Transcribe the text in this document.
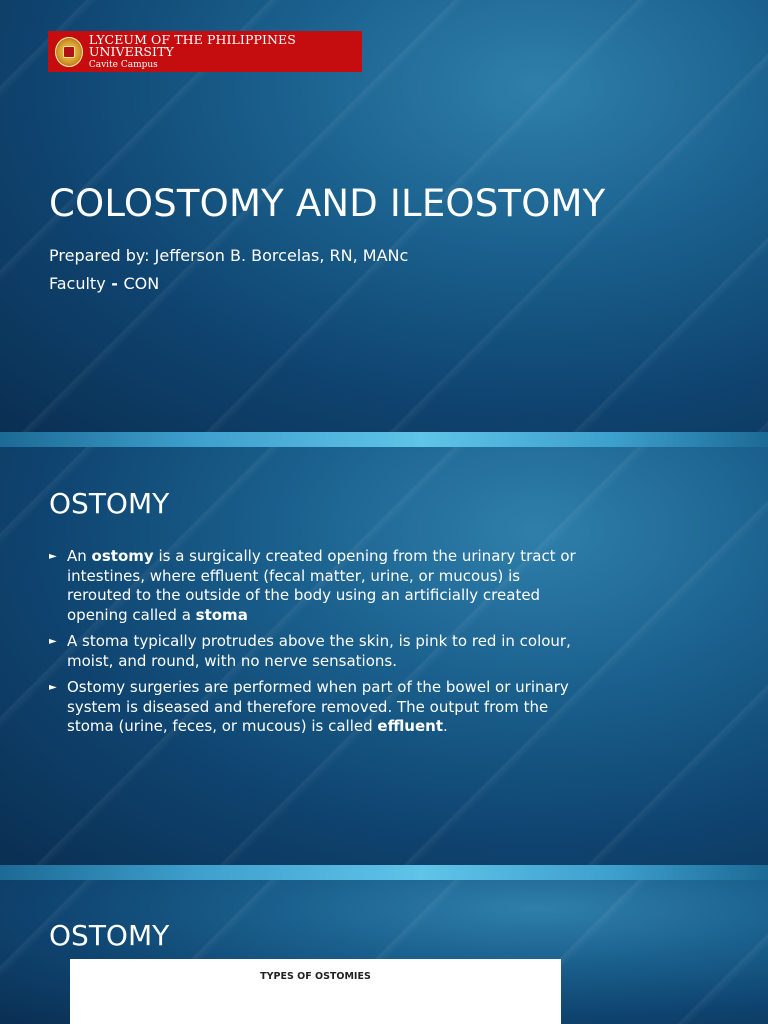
LYCEUM OF THE PHILIPPINES UNIVERSITY
Cavite Campus
COLOSTOMY AND ILEOSTOMY
Prepared by: Jefferson B. Borcelas, RN, MANc
Faculty - CON
OSTOMY
► An ostomy is a surgically created opening from the urinary tract or intestines, where effluent (fecal matter, urine, or mucous) is rerouted to the outside of the body using an artificially created opening called a stoma
► A stoma typically protrudes above the skin, is pink to red in colour, moist, and round, with no nerve sensations.
► Ostomy surgeries are performed when part of the bowel or urinary system is diseased and therefore removed. The output from the stoma (urine, feces, or mucous) is called effluent.
OSTOMY
TYPES OF OSTOMIES
